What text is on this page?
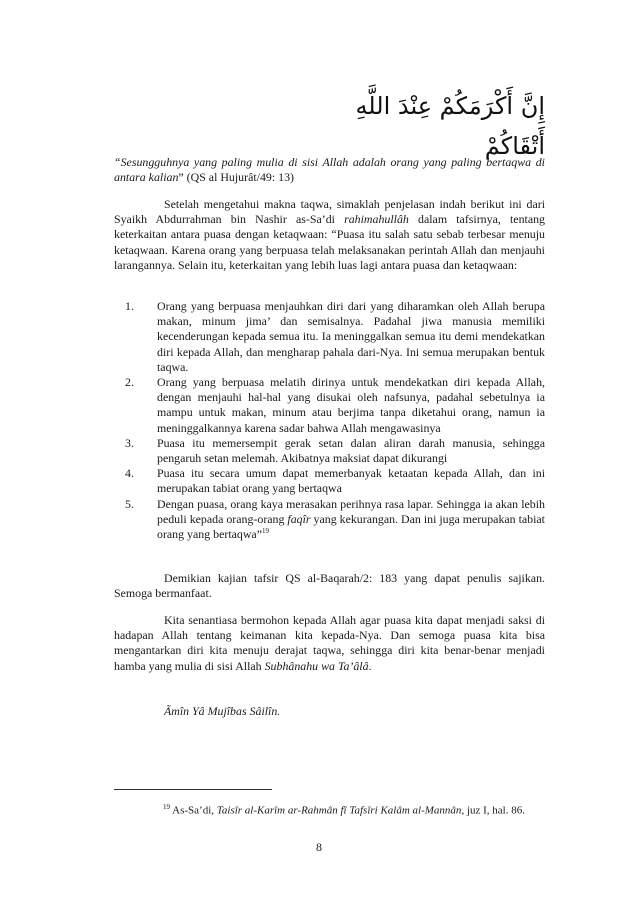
إِنَّ أَكْرَمَكُمْ عِنْدَ اللَّهِ أَتْقَاكُمْ

“Sesungguhnya yang paling mulia di sisi Allah adalah orang yang paling bertaqwa di antara kalian” (QS al Hujurât/49: 13)

Setelah mengetahui makna taqwa, simaklah penjelasan indah berikut ini dari Syaikh Abdurrahman bin Nashir as-Sa’di rahimahullâh dalam tafsirnya, tentang keterkaitan antara puasa dengan ketaqwaan: “Puasa itu salah satu sebab terbesar menuju ketaqwaan. Karena orang yang berpuasa telah melaksanakan perintah Allah dan menjauhi larangannya. Selain itu, keterkaitan yang lebih luas lagi antara puasa dan ketaqwaan:

1. Orang yang berpuasa menjauhkan diri dari yang diharamkan oleh Allah berupa makan, minum jima’ dan semisalnya. Padahal jiwa manusia memiliki kecenderungan kepada semua itu. Ia meninggalkan semua itu demi mendekatkan diri kepada Allah, dan mengharap pahala dari-Nya. Ini semua merupakan bentuk taqwa.
2. Orang yang berpuasa melatih dirinya untuk mendekatkan diri kepada Allah, dengan menjauhi hal-hal yang disukai oleh nafsunya, padahal sebetulnya ia mampu untuk makan, minum atau berjima tanpa diketahui orang, namun ia meninggalkannya karena sadar bahwa Allah mengawasinya
3. Puasa itu memersempit gerak setan dalan aliran darah manusia, sehingga pengaruh setan melemah. Akibatnya maksiat dapat dikurangi
4. Puasa itu secara umum dapat memerbanyak ketaatan kepada Allah, dan ini merupakan tabiat orang yang bertaqwa
5. Dengan puasa, orang kaya merasakan perihnya rasa lapar. Sehingga ia akan lebih peduli kepada orang-orang faqîr yang kekurangan. Dan ini juga merupakan tabiat orang yang bertaqwa”$^{19}$

Demikian kajian tafsir QS al-Baqarah/2: 183 yang dapat penulis sajikan. Semoga bermanfaat.

Kita senantiasa bermohon kepada Allah agar puasa kita dapat menjadi saksi di hadapan Allah tentang keimanan kita kepada-Nya. Dan semoga puasa kita bisa mengantarkan diri kita menuju derajat taqwa, sehingga diri kita benar-benar menjadi hamba yang mulia di sisi Allah Subhânahu wa Ta’âlâ.

Ãmîn Yâ Mujîbas Sâilîn.
$^{19}$ As-Sa’di, Taisîr al-Karîm ar-Rahmân fî Tafsîri Kalâm al-Mannân, juz I, hal. 86.
8
